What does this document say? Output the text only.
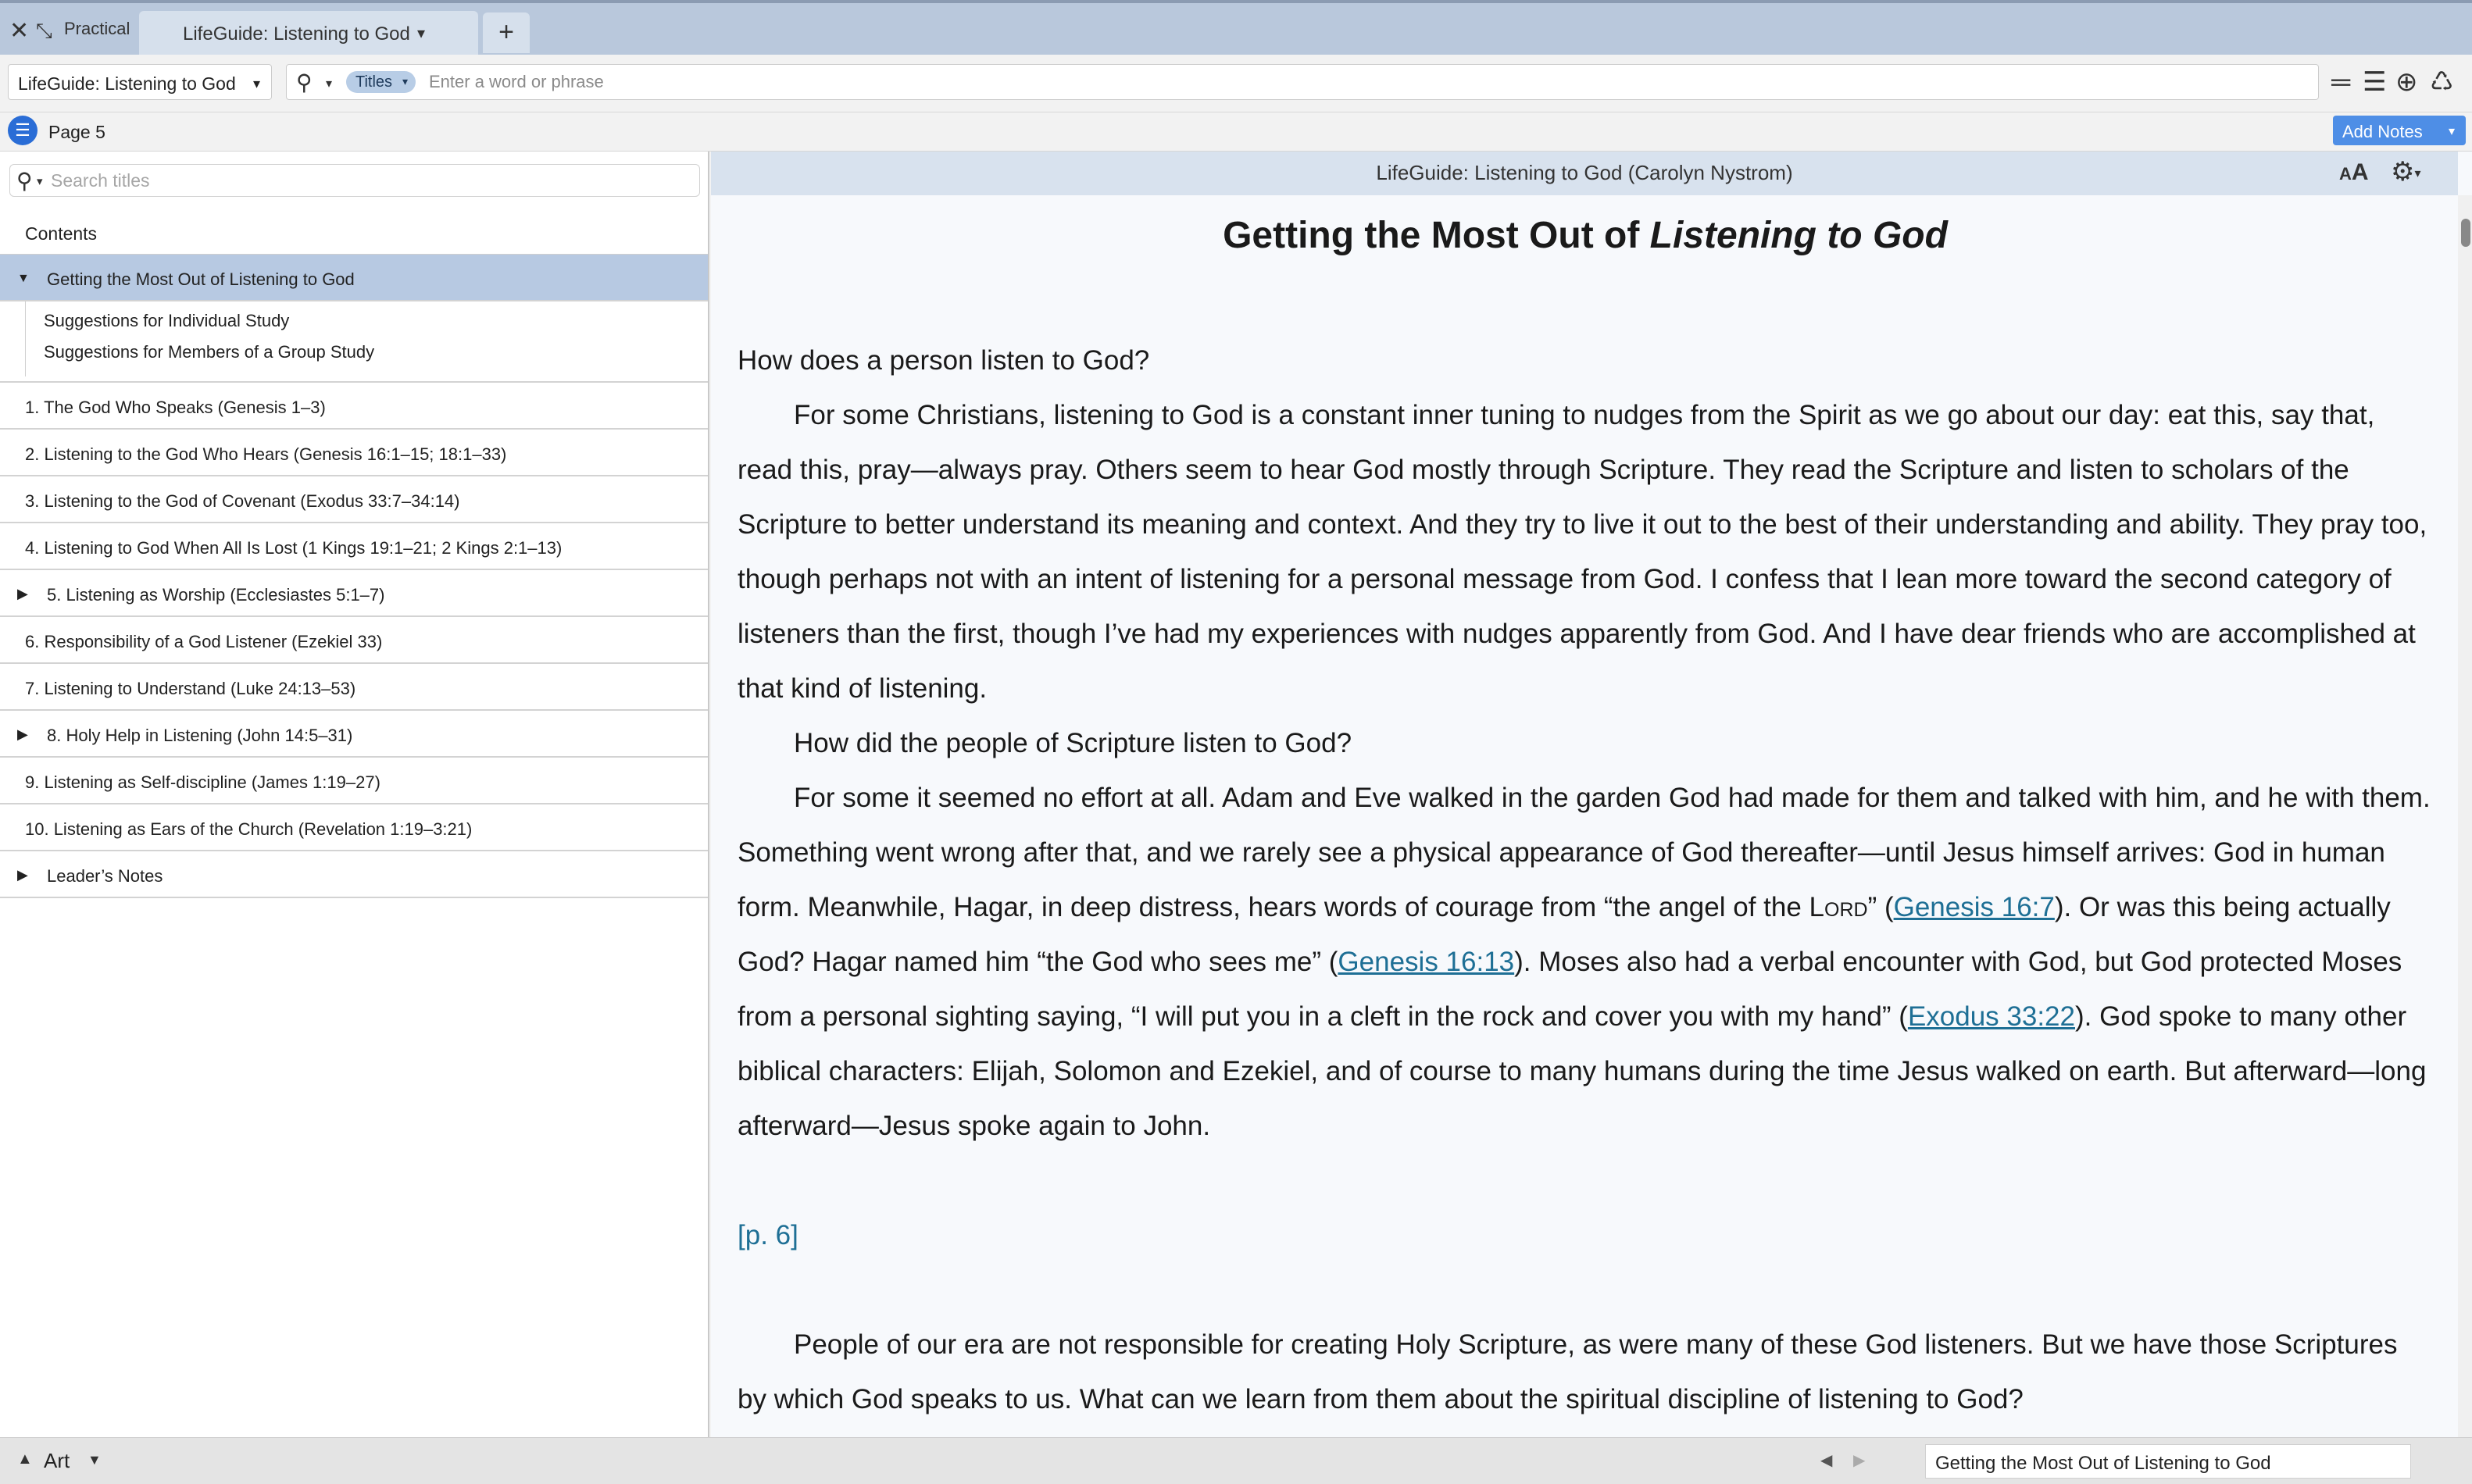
✕ ⤡ Practical	LifeGuide: Listening to God ▾	+
LifeGuide: Listening to God ▾ ⚲ ▾	Titles ▾
Enter a word or phrase	═ ☰ ⊕ ♺
☰	Page 5	Add Notes ▾
⚲ ▾
Search titles
Contents
▼ Getting the Most Out of Listening to God
Suggestions for Individual Study
Suggestions for Members of a Group Study
1. The God Who Speaks (Genesis 1–3)
2. Listening to the God Who Hears (Genesis 16:1–15; 18:1–33)
3. Listening to the God of Covenant (Exodus 33:7–34:14)
4. Listening to God When All Is Lost (1 Kings 19:1–21; 2 Kings 2:1–13)
▶ 5. Listening as Worship (Ecclesiastes 5:1–7)
6. Responsibility of a God Listener (Ezekiel 33)
7. Listening to Understand (Luke 24:13–53)
▶ 8. Holy Help in Listening (John 14:5–31)
9. Listening as Self-discipline (James 1:19–27)
10. Listening as Ears of the Church (Revelation 1:19–3:21)
▶ Leader’s Notes
LifeGuide: Listening to God (Carolyn Nystrom)	AA ⚙▾
Getting the Most Out of Listening to God

How does a person listen to God?

For some Christians, listening to God is a constant inner tuning to nudges from the Spirit as we go about our day: eat this, say that, read this, pray—always pray. Others seem to hear God mostly through Scripture. They read the Scripture and listen to scholars of the Scripture to better understand its meaning and context. And they try to live it out to the best of their understanding and ability. They pray too, though perhaps not with an intent of listening for a personal message from God. I confess that I lean more toward the second category of listeners than the first, though I’ve had my experiences with nudges apparently from God. And I have dear friends who are accomplished at that kind of listening.

How did the people of Scripture listen to God?

For some it seemed no effort at all. Adam and Eve walked in the garden God had made for them and talked with him, and he with them. Something went wrong after that, and we rarely see a physical appearance of God thereafter—until Jesus himself arrives: God in human form. Meanwhile, Hagar, in deep distress, hears words of courage from “the angel of the Lord” (Genesis 16:7). Or was this being actually God? Hagar named him “the God who sees me” (Genesis 16:13). Moses also had a verbal encounter with God, but God protected Moses from a personal sighting saying, “I will put you in a cleft in the rock and cover you with my hand” (Exodus 33:22). God spoke to many other biblical characters: Elijah, Solomon and Ezekiel, and of course to many humans during the time Jesus walked on earth. But afterward—long afterward—Jesus spoke again to John.

[p. 6]

People of our era are not responsible for creating Holy Scripture, as were many of these God listeners. But we have those Scriptures by which God speaks to us. What can we learn from them about the spiritual discipline of listening to God?

▲ Art ▼	◀ ▶	Getting the Most Out of Listening to God
